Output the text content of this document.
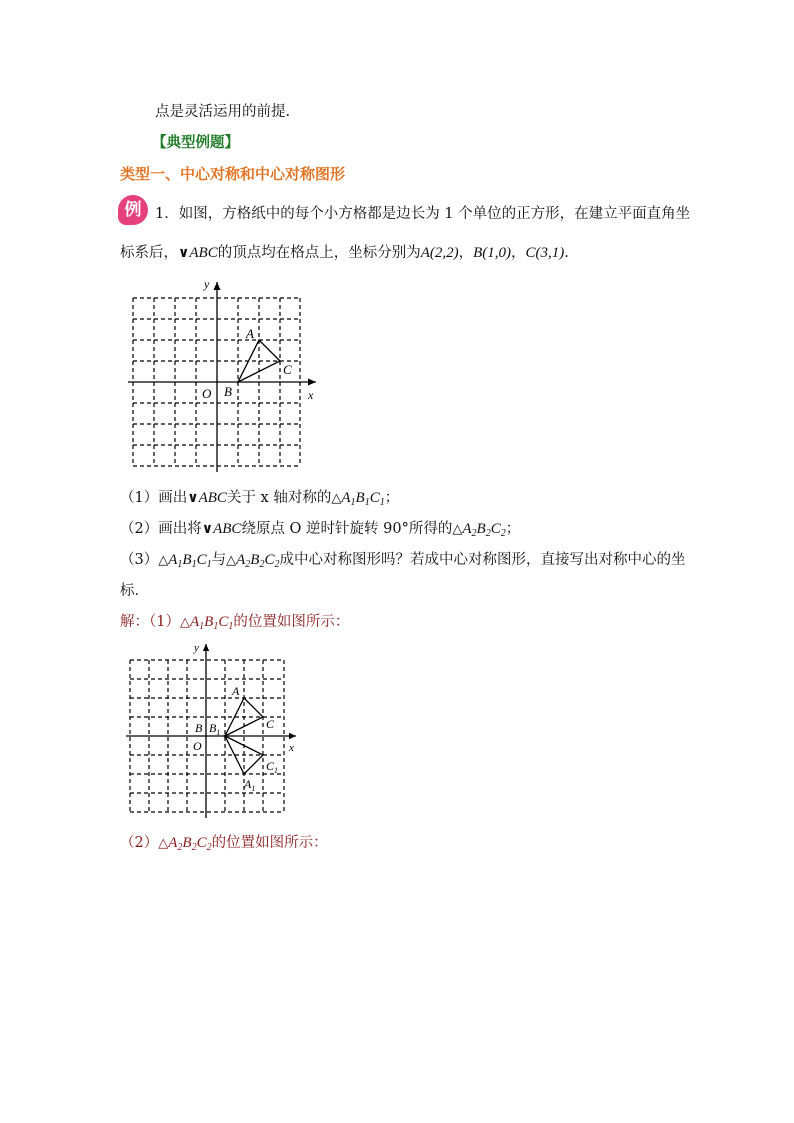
点是灵活运用的前提.
【典型例题】
类型一、中心对称和中心对称图形
例 1．如图，方格纸中的每个小方格都是边长为 1 个单位的正方形，在建立平面直角坐
标系后，∨ABC的顶点均在格点上，坐标分别为A(2,2)，B(1,0)，C(3,1).
y
x
O
A
B
C
（1）画出∨ABC关于 x 轴对称的$\triangle A_1B_1C_1$；
（2）画出将∨ABC绕原点 O 逆时针旋转 90°所得的$\triangle A_2B_2C_2$；
$(3)\triangle A_1B_1C_1$与$\triangle A_2B_2C_2$成中心对称图形吗？若成中心对称图形，直接写出对称中心的坐
标．
解：$(1)\triangle A_1B_1C_1$的位置如图所示：
y
x
O
A
B $B_1$
C
$C_1$
$A_1$
$(2)\triangle A_2B_2C_2$的位置如图所示：
